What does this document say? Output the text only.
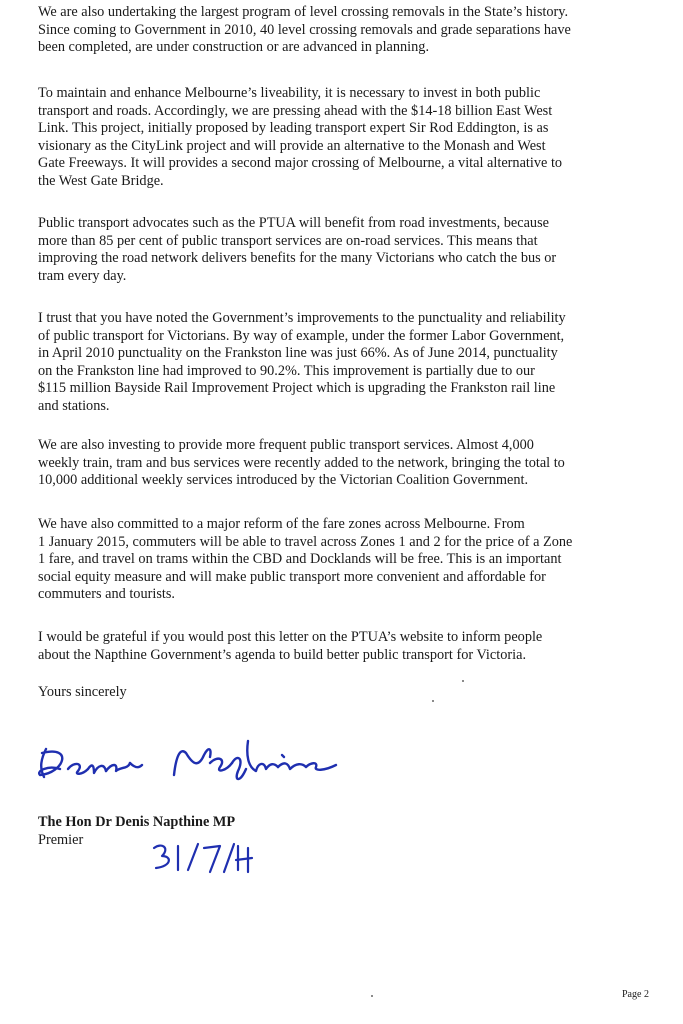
We are also undertaking the largest program of level crossing removals in the State’s history.
Since coming to Government in 2010, 40 level crossing removals and grade separations have
been completed, are under construction or are advanced in planning.

To maintain and enhance Melbourne’s liveability, it is necessary to invest in both public
transport and roads. Accordingly, we are pressing ahead with the $14-18 billion East West
Link. This project, initially proposed by leading transport expert Sir Rod Eddington, is as
visionary as the CityLink project and will provide an alternative to the Monash and West
Gate Freeways. It will provides a second major crossing of Melbourne, a vital alternative to
the West Gate Bridge.

Public transport advocates such as the PTUA will benefit from road investments, because
more than 85 per cent of public transport services are on-road services. This means that
improving the road network delivers benefits for the many Victorians who catch the bus or
tram every day.

I trust that you have noted the Government’s improvements to the punctuality and reliability
of public transport for Victorians. By way of example, under the former Labor Government,
in April 2010 punctuality on the Frankston line was just 66%. As of June 2014, punctuality
on the Frankston line had improved to 90.2%. This improvement is partially due to our
$115 million Bayside Rail Improvement Project which is upgrading the Frankston rail line
and stations.

We are also investing to provide more frequent public transport services. Almost 4,000
weekly train, tram and bus services were recently added to the network, bringing the total to
10,000 additional weekly services introduced by the Victorian Coalition Government.

We have also committed to a major reform of the fare zones across Melbourne. From
1 January 2015, commuters will be able to travel across Zones 1 and 2 for the price of a Zone
1 fare, and travel on trams within the CBD and Docklands will be free. This is an important
social equity measure and will make public transport more convenient and affordable for
commuters and tourists.

I would be grateful if you would post this letter on the PTUA’s website to inform people
about the Napthine Government’s agenda to build better public transport for Victoria.

Yours sincerely
The Hon Dr Denis Napthine MP
Premier
Page 2
